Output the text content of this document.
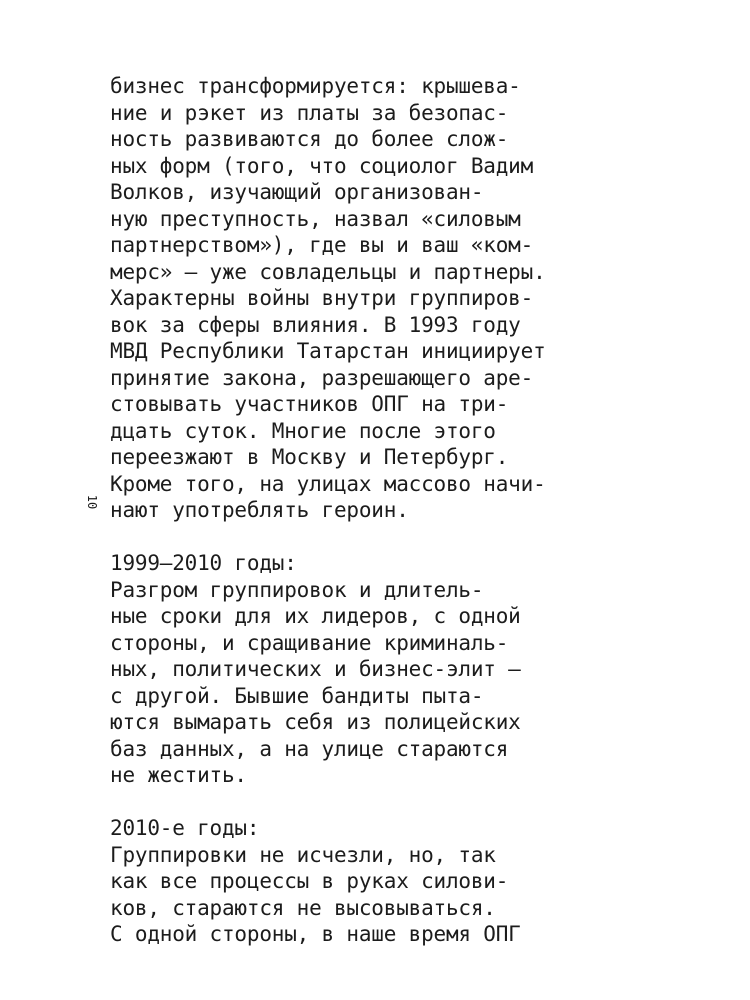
10
бизнес трансформируется: крышева-
ние и рэкет из платы за безопас-
ность развиваются до более слож-
ных форм (того, что социолог Вадим
Волков, изучающий организован-
ную преступность, назвал «силовым
партнерством»), где вы и ваш «ком-
мерс» — уже совладельцы и партнеры.
Характерны войны внутри группиров-
вок за сферы влияния. В 1993 году
МВД Республики Татарстан инициирует
принятие закона, разрешающего аре-
стовывать участников ОПГ на три-
дцать суток. Многие после этого
переезжают в Москву и Петербург.
Кроме того, на улицах массово начи-
нают употреблять героин.
1999–2010 годы:
Разгром группировок и длитель-
ные сроки для их лидеров, с одной
стороны, и сращивание криминаль-
ных, политических и бизнес-элит —
с другой. Бывшие бандиты пыта-
ются вымарать себя из полицейских
баз данных, а на улице стараются
не жестить.
2010-е годы:
Группировки не исчезли, но, так
как все процессы в руках силови-
ков, стараются не высовываться.
С одной стороны, в наше время ОПГ
